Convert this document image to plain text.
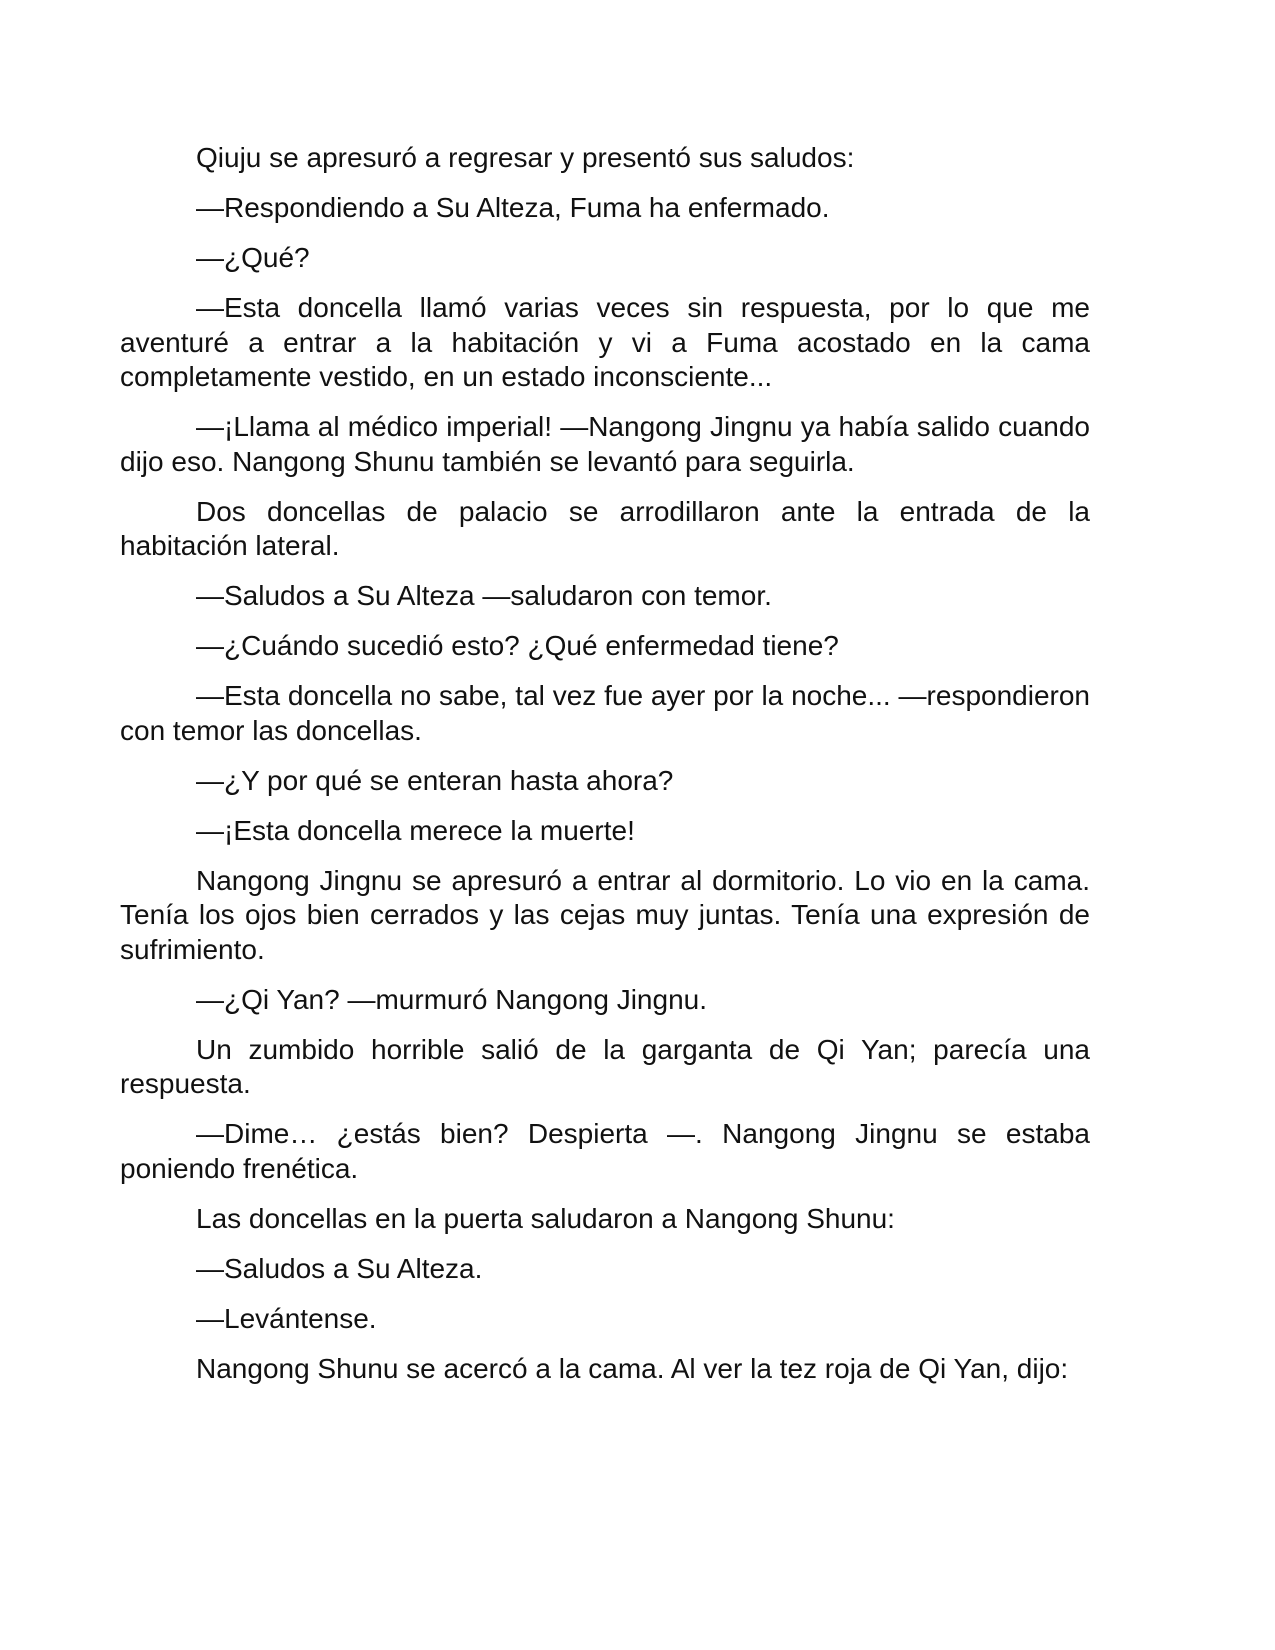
Qiuju se apresuró a regresar y presentó sus saludos:

—Respondiendo a Su Alteza, Fuma ha enfermado.

—¿Qué?

—Esta doncella llamó varias veces sin respuesta, por lo que me aventuré a entrar a la habitación y vi a Fuma acostado en la cama completamente vestido, en un estado inconsciente...

—¡Llama al médico imperial! —Nangong Jingnu ya había salido cuando dijo eso. Nangong Shunu también se levantó para seguirla.

Dos doncellas de palacio se arrodillaron ante la entrada de la habitación lateral.

—Saludos a Su Alteza —saludaron con temor.

—¿Cuándo sucedió esto? ¿Qué enfermedad tiene?

—Esta doncella no sabe, tal vez fue ayer por la noche... —respondieron con temor las doncellas.

—¿Y por qué se enteran hasta ahora?

—¡Esta doncella merece la muerte!

Nangong Jingnu se apresuró a entrar al dormitorio. Lo vio en la cama. Tenía los ojos bien cerrados y las cejas muy juntas. Tenía una expresión de sufrimiento.

—¿Qi Yan? —murmuró Nangong Jingnu.

Un zumbido horrible salió de la garganta de Qi Yan; parecía una respuesta.

—Dime… ¿estás bien? Despierta —. Nangong Jingnu se estaba poniendo frenética.

Las doncellas en la puerta saludaron a Nangong Shunu:

—Saludos a Su Alteza.

—Levántense.

Nangong Shunu se acercó a la cama. Al ver la tez roja de Qi Yan, dijo:
